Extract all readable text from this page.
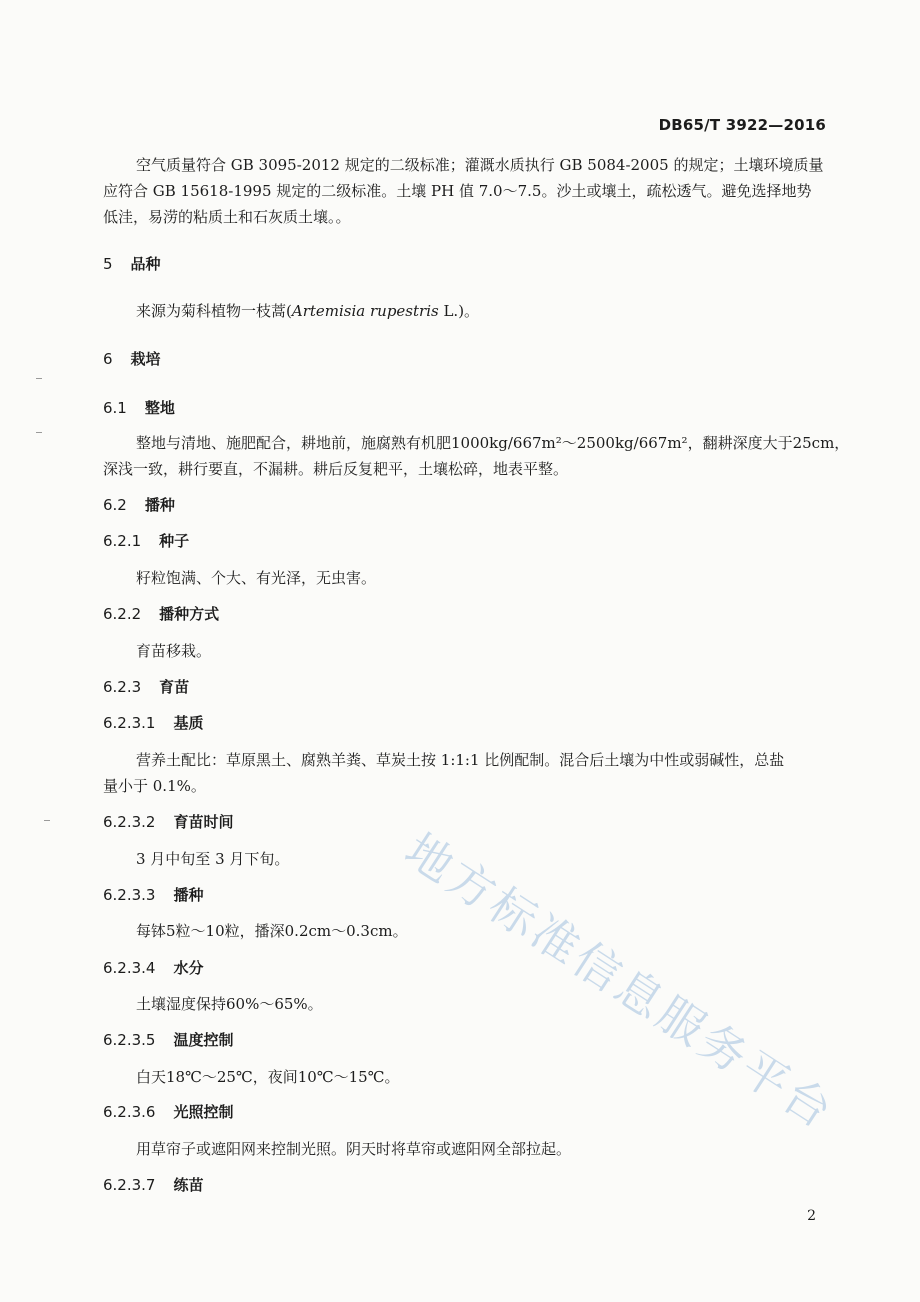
DB65/T 3922—2016
空气质量符合 GB 3095-2012 规定的二级标准；灌溉水质执行 GB 5084-2005 的规定；土壤环境质量
应符合 GB 15618-1995 规定的二级标准。土壤 PH 值 7.0～7.5。沙土或壤土，疏松透气。避免选择地势
低洼，易涝的粘质土和石灰质土壤。。
5 品种
来源为菊科植物一枝蒿(Artemisia rupestris L.)。
6 栽培
6.1 整地
整地与清地、施肥配合，耕地前，施腐熟有机肥1000kg/667m²～2500kg/667m²，翻耕深度大于25cm，
深浅一致，耕行要直，不漏耕。耕后反复耙平，土壤松碎，地表平整。
6.2 播种
6.2.1 种子
籽粒饱满、个大、有光泽，无虫害。
6.2.2 播种方式
育苗移栽。
6.2.3 育苗
6.2.3.1 基质
营养土配比：草原黑土、腐熟羊粪、草炭土按 1:1:1 比例配制。混合后土壤为中性或弱碱性，总盐
量小于 0.1%。
6.2.3.2 育苗时间
3 月中旬至 3 月下旬。
6.2.3.3 播种
每钵5粒～10粒，播深0.2cm～0.3cm。
6.2.3.4 水分
土壤湿度保持60%～65%。
6.2.3.5 温度控制
白天18℃～25℃，夜间10℃～15℃。
6.2.3.6 光照控制
用草帘子或遮阳网来控制光照。阴天时将草帘或遮阳网全部拉起。
6.2.3.7 练苗
地方标准信息服务平台
2
